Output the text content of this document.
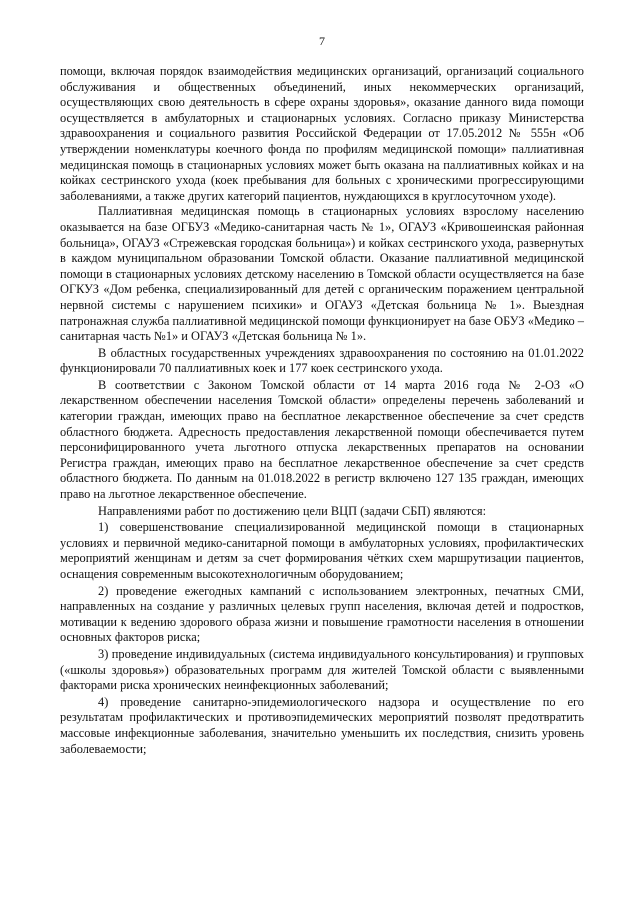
7

помощи, включая порядок взаимодействия медицинских организаций, организаций социального обслуживания и общественных объединений, иных некоммерческих организаций, осуществляющих свою деятельность в сфере охраны здоровья», оказание данного вида помощи осуществляется в амбулаторных и стационарных условиях. Согласно приказу Министерства здравоохранения и социального развития Российской Федерации от 17.05.2012 № 555н «Об утверждении номенклатуры коечного фонда по профилям медицинской помощи» паллиативная медицинская помощь в стационарных условиях может быть оказана на паллиативных койках и на койках сестринского ухода (коек пребывания для больных с хроническими прогрессирующими заболеваниями, а также других категорий пациентов, нуждающихся в круглосуточном уходе).

Паллиативная медицинская помощь в стационарных условиях взрослому населению оказывается на базе ОГБУЗ «Медико-санитарная часть № 1», ОГАУЗ «Кривошеинская районная больница», ОГАУЗ «Стрежевская городская больница») и койках сестринского ухода, развернутых в каждом муниципальном образовании Томской области. Оказание паллиативной медицинской помощи в стационарных условиях детскому населению в Томской области осуществляется на базе ОГКУЗ «Дом ребенка, специализированный для детей с органическим поражением центральной нервной системы с нарушением психики» и ОГАУЗ «Детская больница № 1». Выездная патронажная служба паллиативной медицинской помощи функционирует на базе ОБУЗ «Медико – санитарная часть №1» и ОГАУЗ «Детская больница № 1».

В областных государственных учреждениях здравоохранения по состоянию на 01.01.2022 функционировали 70 паллиативных коек и 177 коек сестринского ухода.

В соответствии с Законом Томской области от 14 марта 2016 года № 2-ОЗ «О лекарственном обеспечении населения Томской области» определены перечень заболеваний и категории граждан, имеющих право на бесплатное лекарственное обеспечение за счет средств областного бюджета. Адресность предоставления лекарственной помощи обеспечивается путем персонифицированного учета льготного отпуска лекарственных препаратов на основании Регистра граждан, имеющих право на бесплатное лекарственное обеспечение за счет средств областного бюджета. По данным на 01.018.2022 в регистр включено 127 135 граждан, имеющих право на льготное лекарственное обеспечение.

Направлениями работ по достижению цели ВЦП (задачи СБП) являются:

1) совершенствование специализированной медицинской помощи в стационарных условиях и первичной медико-санитарной помощи в амбулаторных условиях, профилактических мероприятий женщинам и детям за счет формирования чётких схем маршрутизации пациентов, оснащения современным высокотехнологичным оборудованием;

2) проведение ежегодных кампаний с использованием электронных, печатных СМИ, направленных на создание у различных целевых групп населения, включая детей и подростков, мотивации к ведению здорового образа жизни и повышение грамотности населения в отношении основных факторов риска;

3) проведение индивидуальных (система индивидуального консультирования) и групповых («школы здоровья») образовательных программ для жителей Томской области с выявленными факторами риска хронических неинфекционных заболеваний;

4) проведение санитарно-эпидемиологического надзора и осуществление по его результатам профилактических и противоэпидемических мероприятий позволят предотвратить массовые инфекционные заболевания, значительно уменьшить их последствия, снизить уровень заболеваемости;
